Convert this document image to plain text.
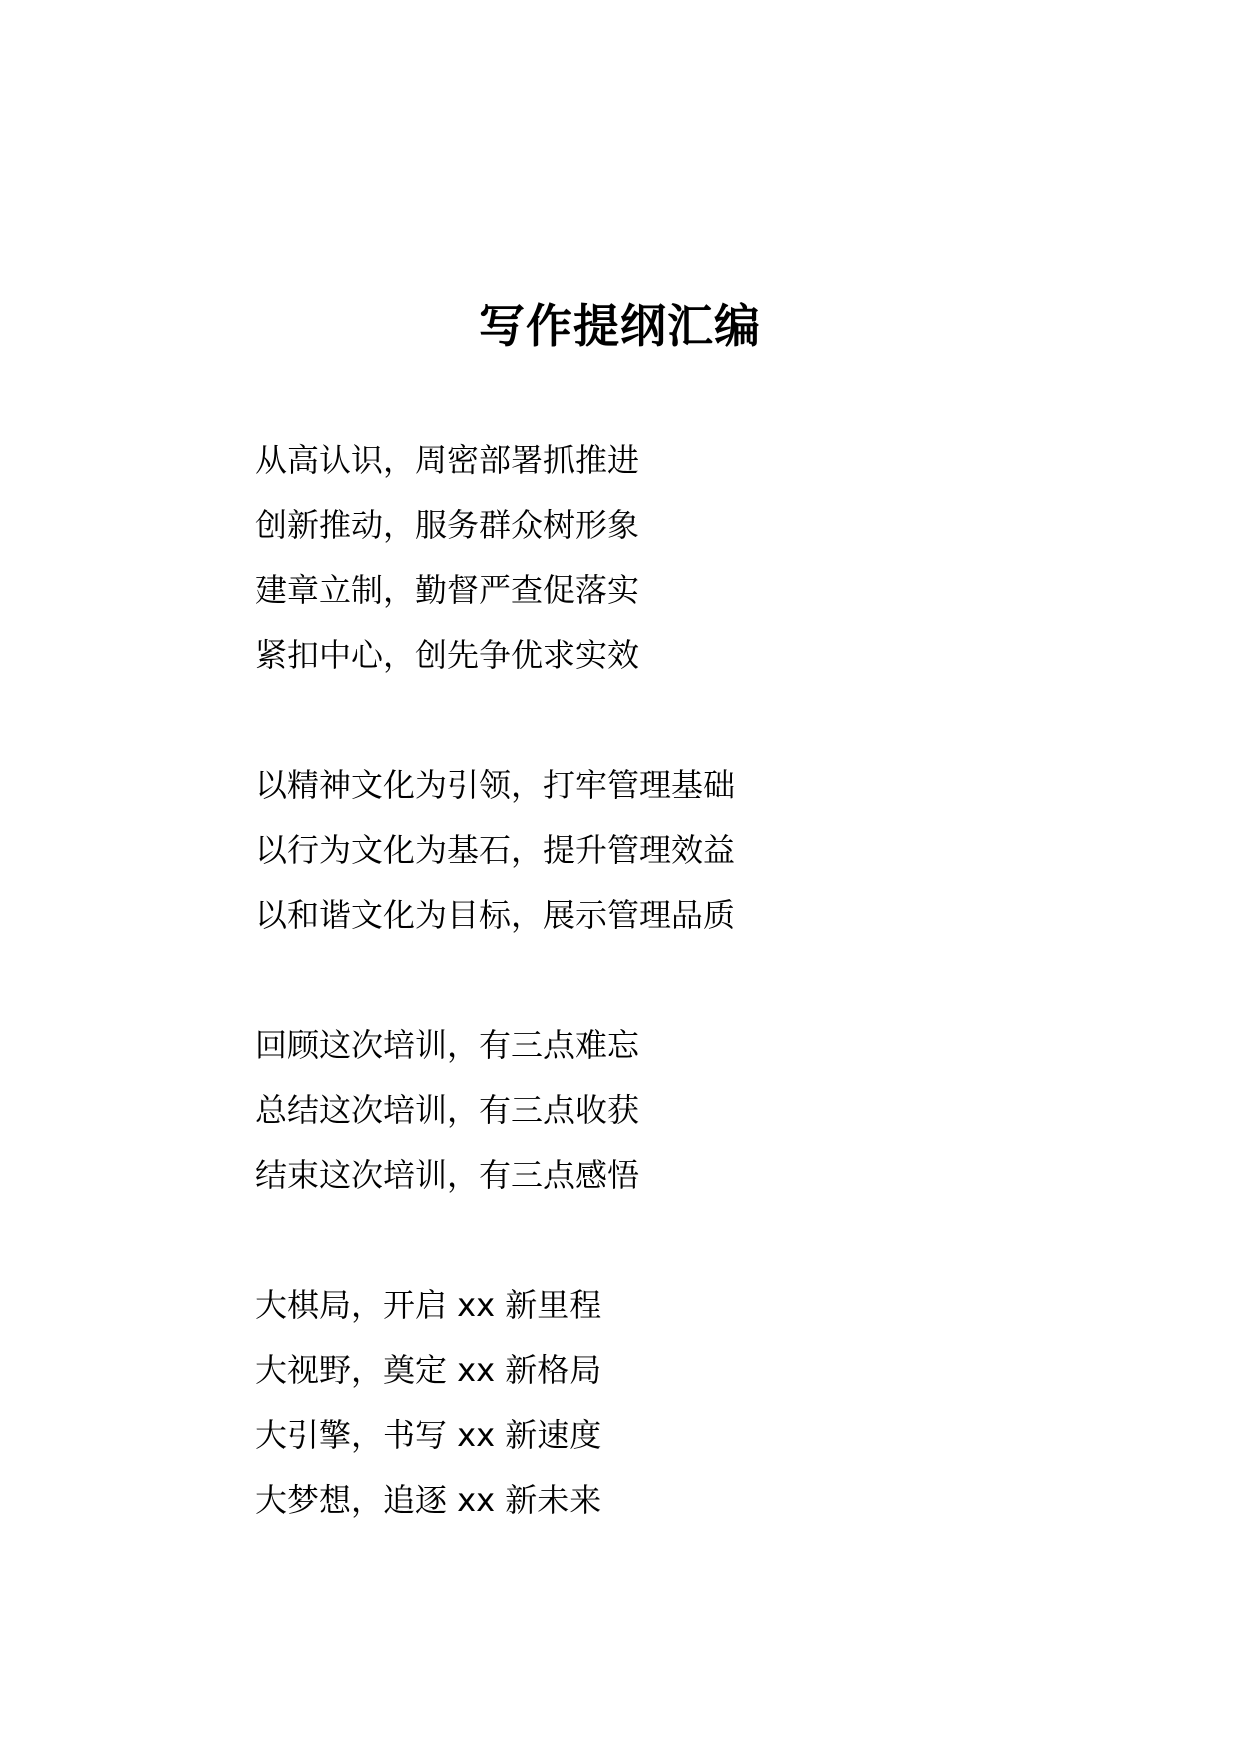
写作提纲汇编
从高认识，周密部署抓推进
创新推动，服务群众树形象
建章立制，勤督严查促落实
紧扣中心，创先争优求实效
以精神文化为引领，打牢管理基础
以行为文化为基石，提升管理效益
以和谐文化为目标，展示管理品质
回顾这次培训，有三点难忘
总结这次培训，有三点收获
结束这次培训，有三点感悟
大棋局，开启 xx 新里程
大视野，奠定 xx 新格局
大引擎，书写 xx 新速度
大梦想，追逐 xx 新未来
